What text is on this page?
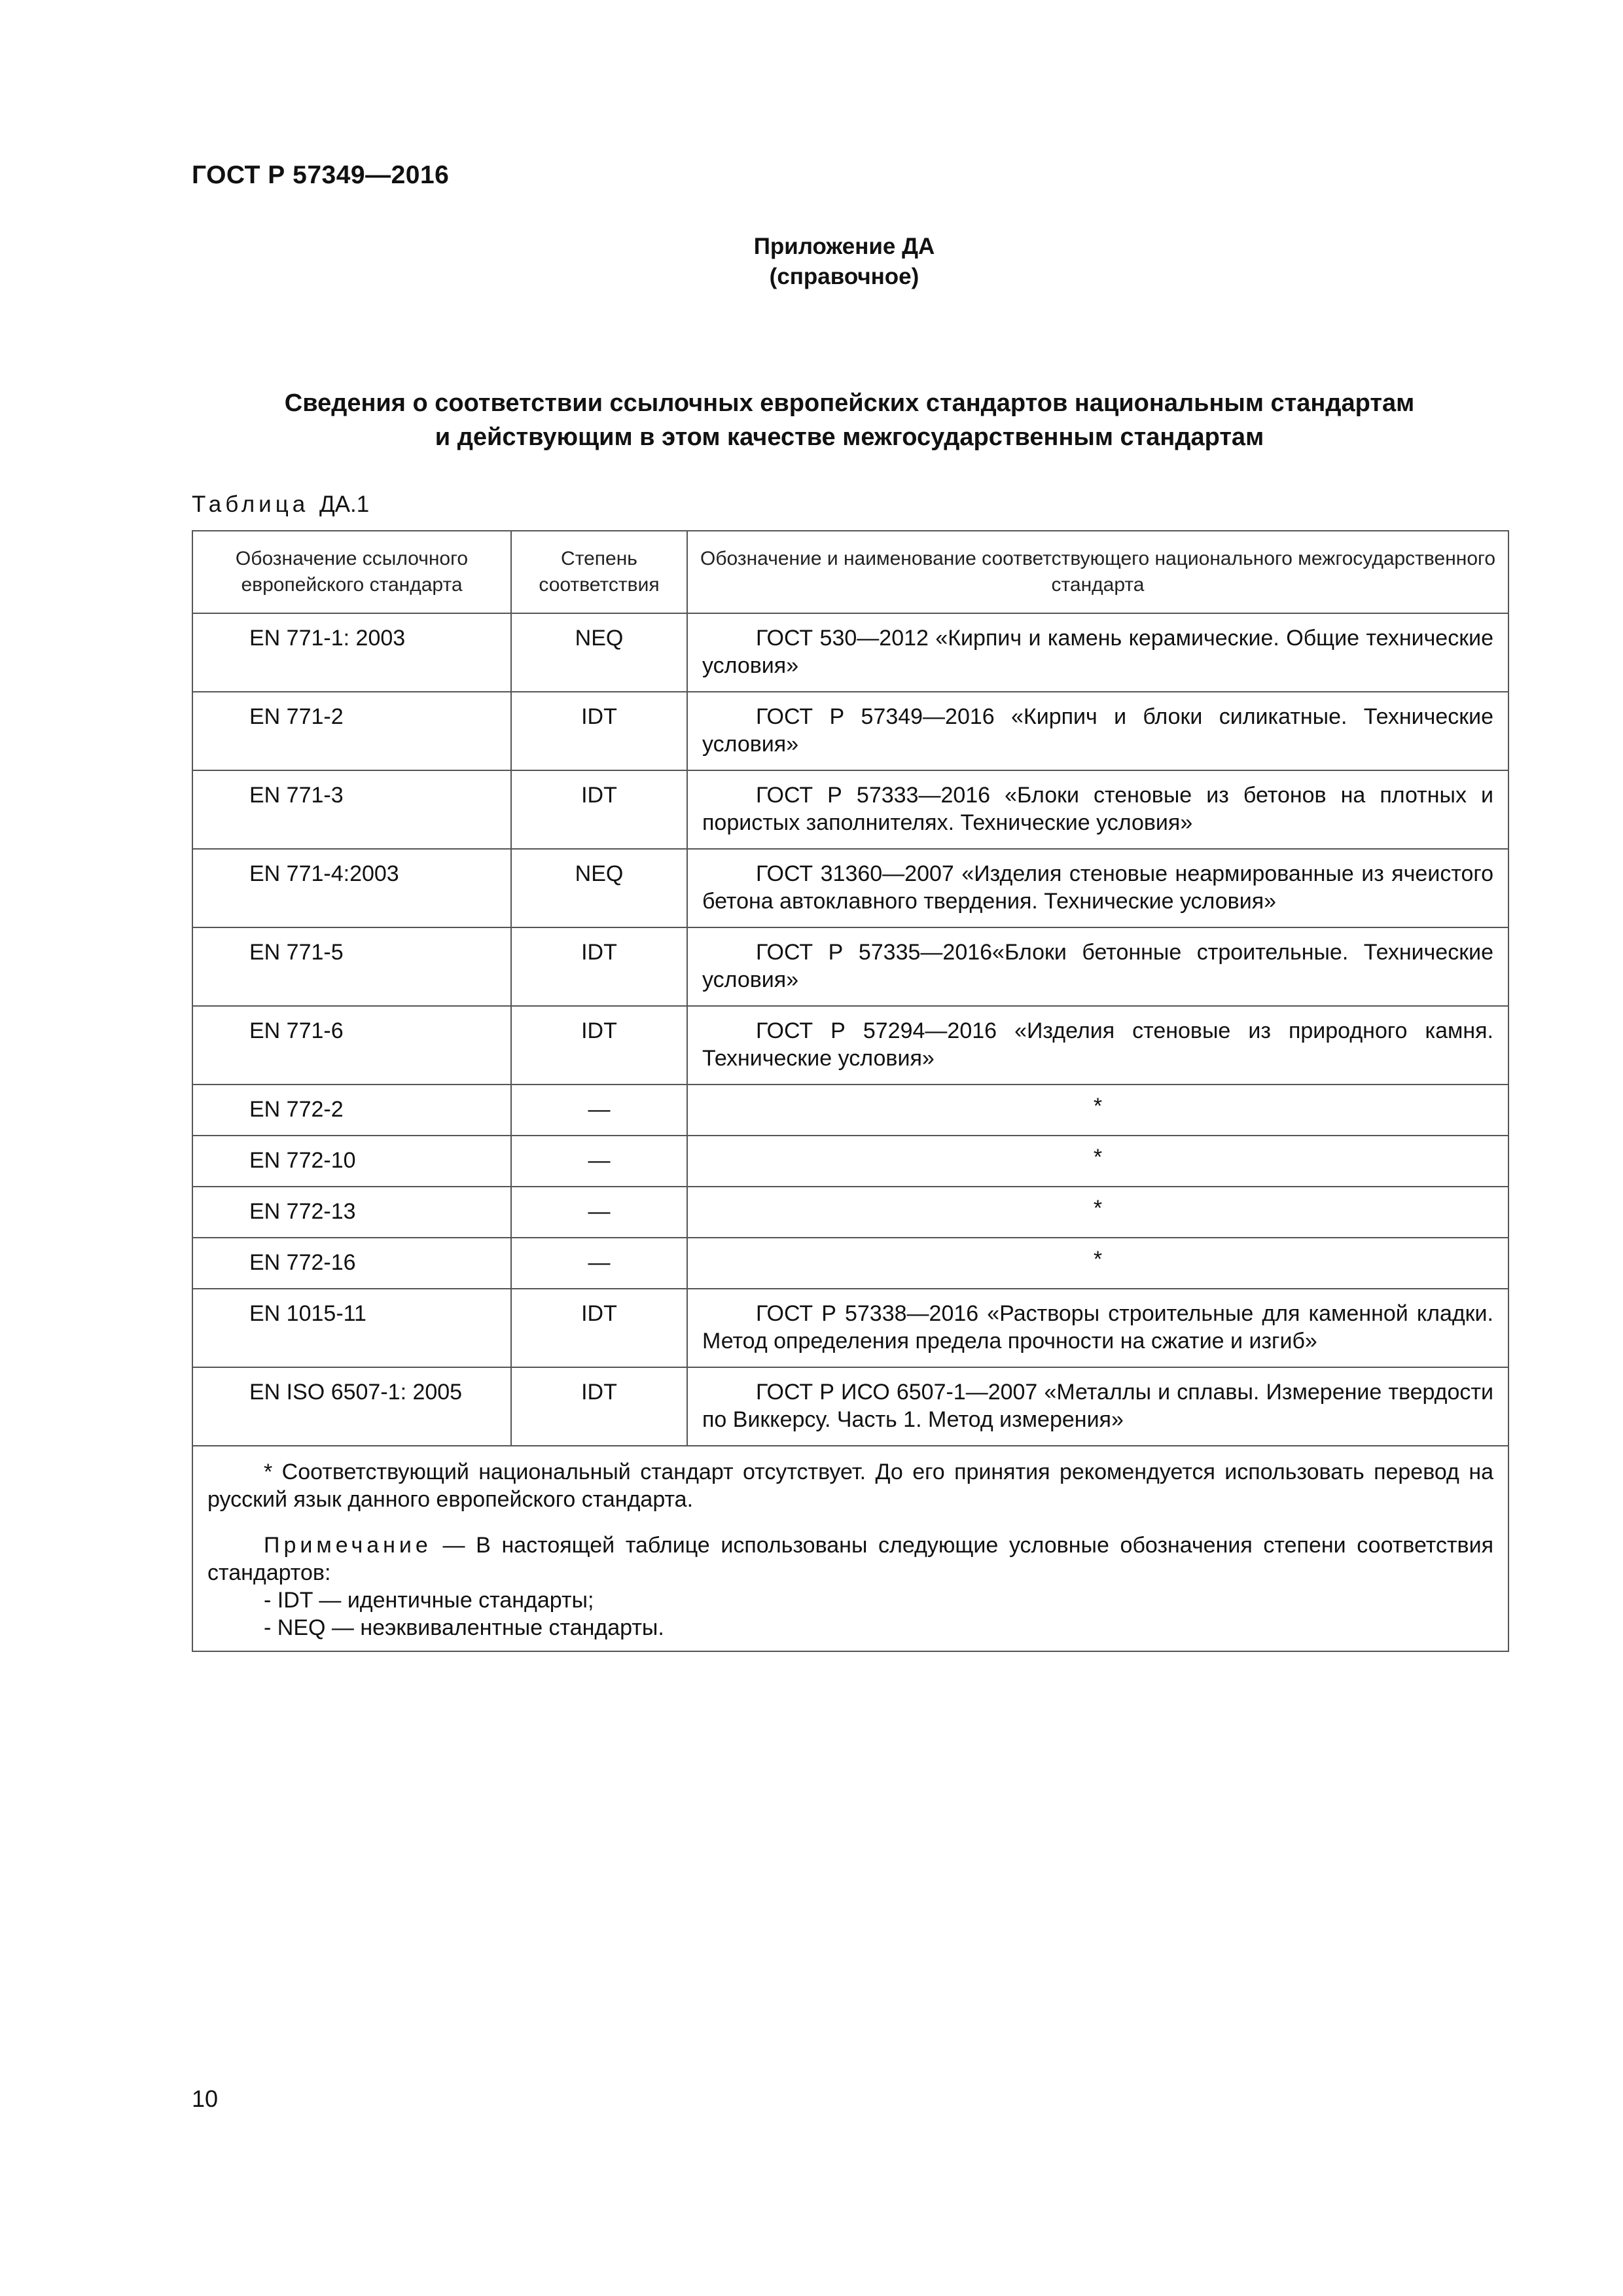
ГОСТ Р 57349—2016
Приложение ДА
(справочное)
Сведения о соответствии ссылочных европейских стандартов национальным стандартам
и действующим в этом качестве межгосударственным стандартам
Таблица ДА.1
Обозначение ссылочного европейского стандарта	Степень соответствия	Обозначение и наименование соответствующего национального межгосударственного стандарта
EN 771-1: 2003	NEQ	ГОСТ 530—2012 «Кирпич и камень керамические. Общие технические условия»
EN 771-2	IDT	ГОСТ Р 57349—2016 «Кирпич и блоки силикатные. Технические условия»
EN 771-3	IDT	ГОСТ Р 57333—2016 «Блоки стеновые из бетонов на плотных и пористых заполнителях. Технические условия»
EN 771-4:2003	NEQ	ГОСТ 31360—2007 «Изделия стеновые неармированные из ячеистого бетона автоклавного твердения. Технические условия»
EN 771-5	IDT	ГОСТ Р 57335—2016«Блоки бетонные строительные. Технические условия»
EN 771-6	IDT	ГОСТ Р 57294—2016 «Изделия стеновые из природного камня. Технические условия»
EN 772-2	—	*
EN 772-10	—	*
EN 772-13	—	*
EN 772-16	—	*
EN 1015-11	IDT	ГОСТ Р 57338—2016 «Растворы строительные для каменной кладки. Метод определения предела прочности на сжатие и изгиб»
EN ISO 6507-1: 2005	IDT	ГОСТ Р ИСО 6507-1—2007 «Металлы и сплавы. Измерение твердости по Виккерсу. Часть 1. Метод измерения»

* Соответствующий национальный стандарт отсутствует. До его принятия рекомендуется использовать перевод на русский язык данного европейского стандарта.

Примечание — В настоящей таблице использованы следующие условные обозначения степени соответствия стандартов:

- IDT — идентичные стандарты;

- NEQ — неэквивалентные стандарты.		

10
